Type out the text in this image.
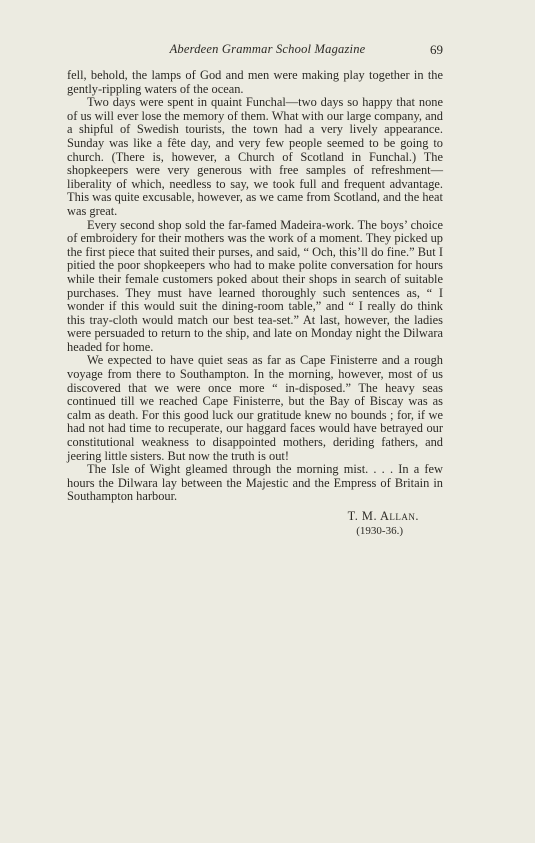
Aberdeen Grammar School Magazine	69

fell, behold, the lamps of God and men were making play together in the gently-rippling waters of the ocean.

Two days were spent in quaint Funchal—two days so happy that none of us will ever lose the memory of them. What with our large company, and a shipful of Swedish tourists, the town had a very lively appearance. Sunday was like a fête day, and very few people seemed to be going to church. (There is, however, a Church of Scotland in Funchal.) The shopkeepers were very generous with free samples of refreshment—liberality of which, needless to say, we took full and frequent advantage. This was quite excusable, however, as we came from Scotland, and the heat was great.

Every second shop sold the far-famed Madeira-work. The boys’ choice of embroidery for their mothers was the work of a moment. They picked up the first piece that suited their purses, and said, “ Och, this’ll do fine.” But I pitied the poor shopkeepers who had to make polite conversation for hours while their female customers poked about their shops in search of suitable purchases. They must have learned thoroughly such sentences as, “ I wonder if this would suit the dining-room table,” and “ I really do think this tray-cloth would match our best tea-set.” At last, however, the ladies were persuaded to return to the ship, and late on Monday night the Dilwara headed for home.

We expected to have quiet seas as far as Cape Finisterre and a rough voyage from there to Southampton. In the morning, however, most of us discovered that we were once more “ in-disposed.” The heavy seas continued till we reached Cape Finisterre, but the Bay of Biscay was as calm as death. For this good luck our gratitude knew no bounds ; for, if we had not had time to recuperate, our haggard faces would have betrayed our constitutional weakness to disappointed mothers, deriding fathers, and jeering little sisters. But now the truth is out!

The Isle of Wight gleamed through the morning mist. . . . In a few hours the Dilwara lay between the Majestic and the Empress of Britain in Southampton harbour.

T. M. Allan.
(1930-36.)
